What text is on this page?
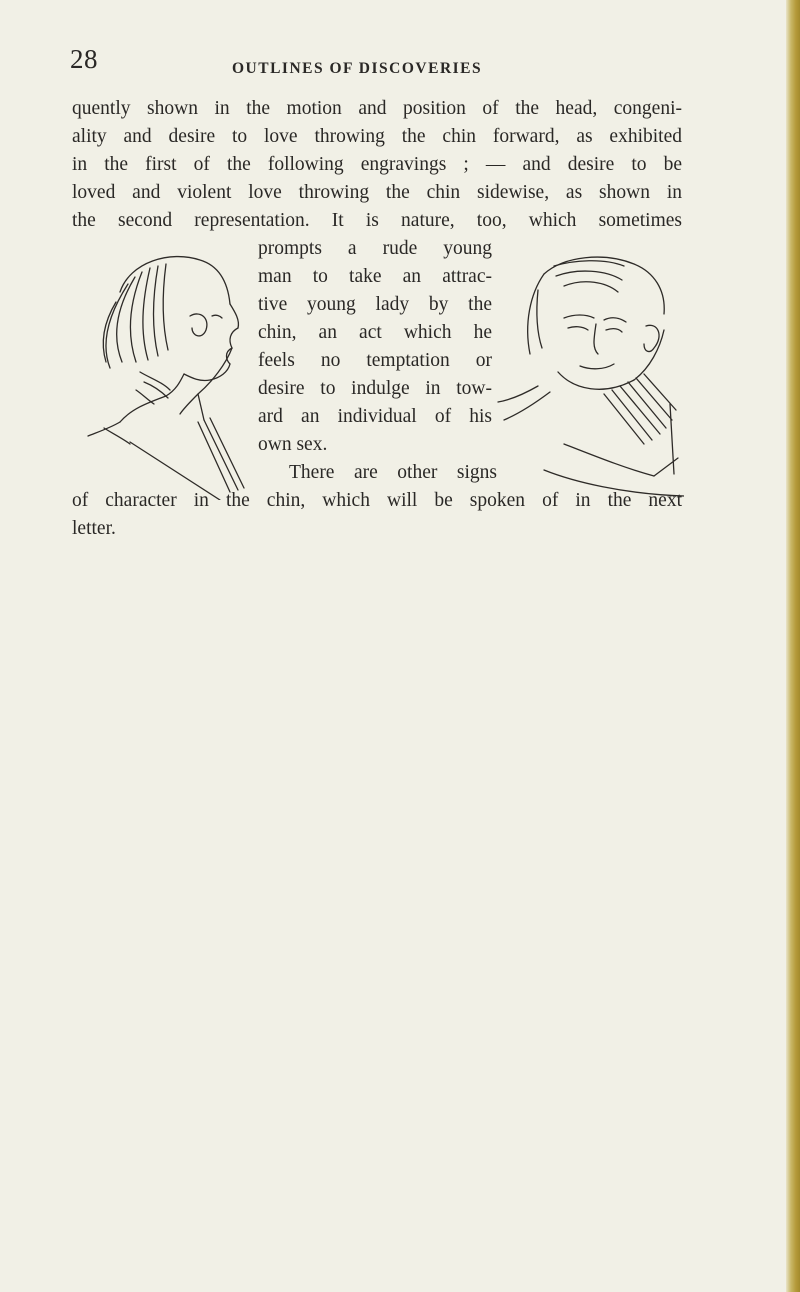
28	OUTLINES OF DISCOVERIES
quently shown in the motion and position of the head, congeni-
ality and desire to love throwing the chin forward, as exhibited
in the first of the following engravings ; — and desire to be
loved and violent love throwing the chin sidewise, as shown in
the second representation. It is nature, too, which sometimes
prompts a rude young
man to take an attrac-
tive young lady by the
chin, an act which he
feels no temptation or
desire to indulge in tow-
ard an individual of his
own sex.
There are other signs
of character in the chin, which will be spoken of in the next
letter.
